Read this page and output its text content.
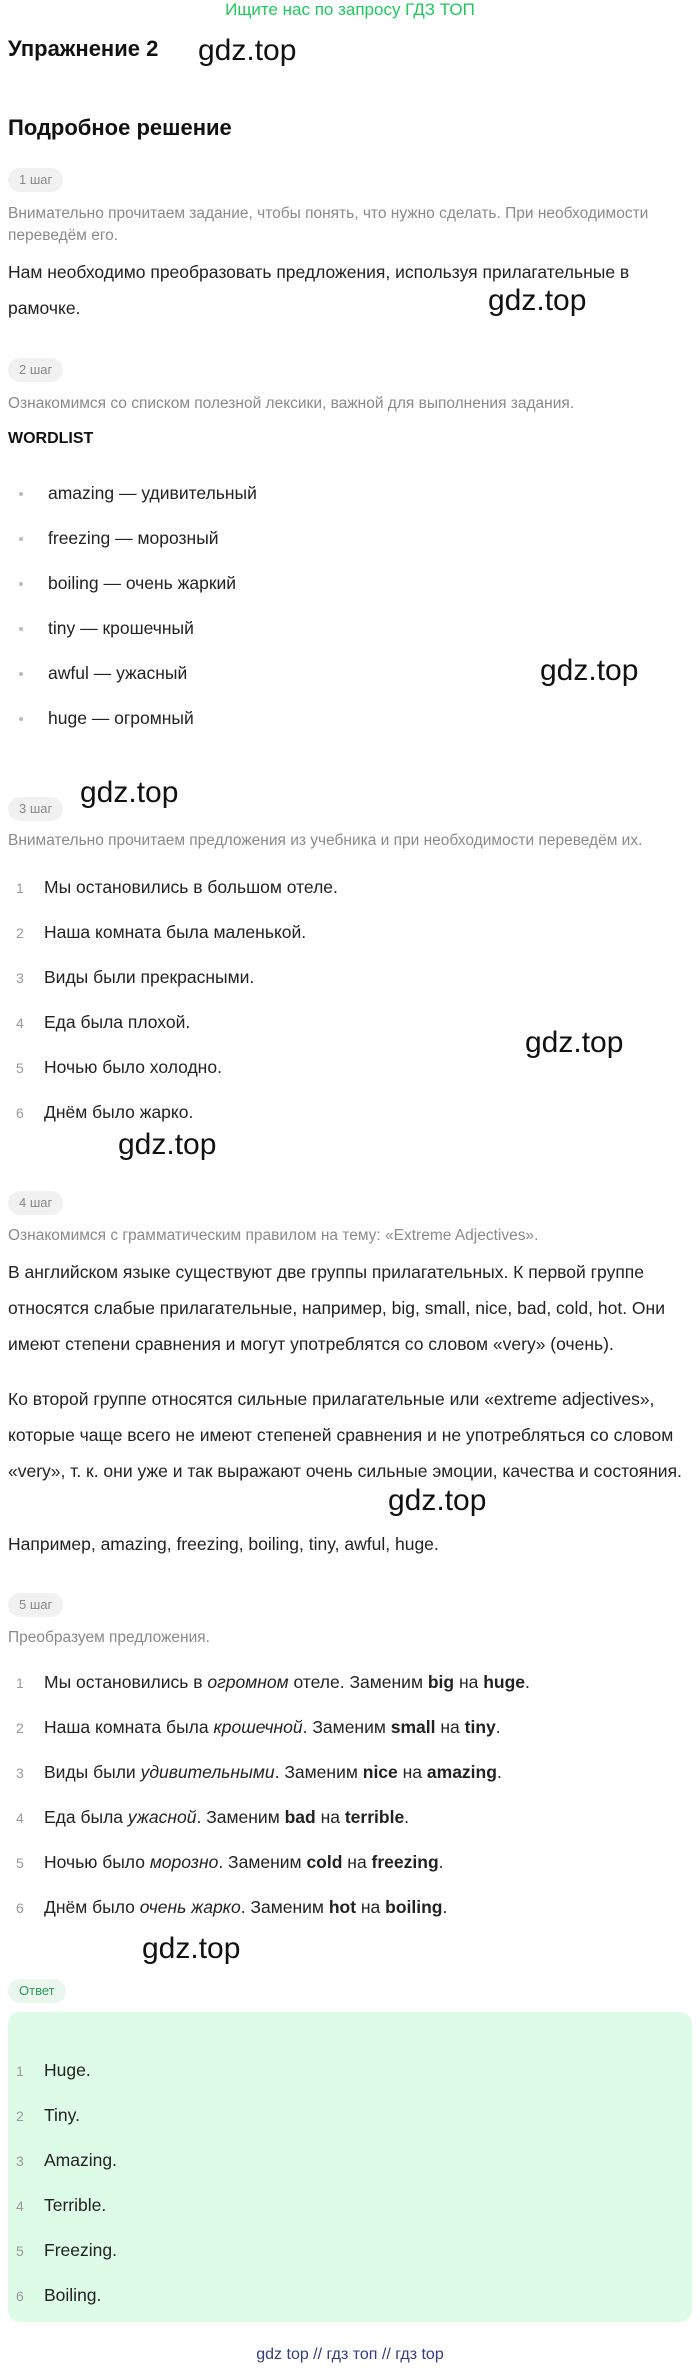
Ищите нас по запросу ГДЗ ТОП
Упражнение 2
Подробное решение
gdz.top
gdz.top
gdz.top
gdz.top
gdz.top
gdz.top
gdz.top
gdz.top
1 шаг
Внимательно прочитаем задание, чтобы понять, что нужно сделать. При необходимости переведём его.
Нам необходимо преобразовать предложения, используя прилагательные в рамочке.
2 шаг
Ознакомимся со списком полезной лексики, важной для выполнения задания.
WORDLIST
amazing — удивительный
freezing — морозный
boiling — очень жаркий
tiny — крошечный
awful — ужасный
huge — огромный
3 шаг
Внимательно прочитаем предложения из учебника и при необходимости переведём их.
1 Мы остановились в большом отеле.
2 Наша комната была маленькой.
3 Виды были прекрасными.
4 Еда была плохой.
5 Ночью было холодно.
6 Днём было жарко.
4 шаг
Ознакомимся с грамматическим правилом на тему: «Extreme Adjectives».
В английском языке существуют две группы прилагательных. К первой группе относятся слабые прилагательные, например, big, small, nice, bad, cold, hot. Они имеют степени сравнения и могут употреблятся со словом «very» (очень).
Ко второй группе относятся сильные прилагательные или «extreme adjectives», которые чаще всего не имеют степеней сравнения и не употребляться со словом «very», т. к. они уже и так выражают очень сильные эмоции, качества и состояния.
Например, amazing, freezing, boiling, tiny, awful, huge.
5 шаг
Преобразуем предложения.
1 Мы остановились в огромном отеле. Заменим big на huge.
2 Наша комната была крошечной. Заменим small на tiny.
3 Виды были удивительными. Заменим nice на amazing.
4 Еда была ужасной. Заменим bad на terrible.
5 Ночью было морозно. Заменим cold на freezing.
6 Днём было очень жарко. Заменим hot на boiling.
Ответ
1 Huge.
2 Tiny.
3 Amazing.
4 Terrible.
5 Freezing.
6 Boiling.
gdz top // гдз топ // гдз top
